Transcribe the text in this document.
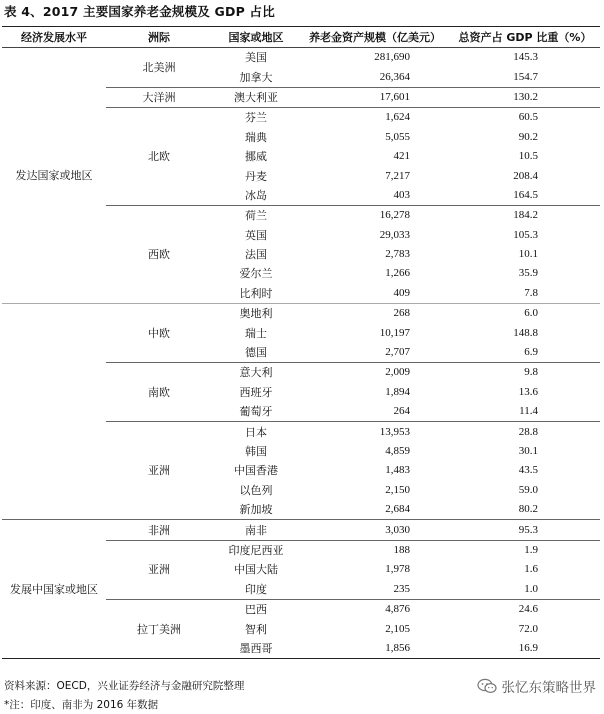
表 4、2017 主要国家养老金规模及 GDP 占比
经济发展水平	洲际	国家或地区	养老金资产规模（亿美元）	总资产占 GDP 比重（%）
发达国家或地区	北美洲	美国	281,690	145.3
		加拿大	26,364	154.7
	大洋洲	澳大利亚	17,601	130.2
	北欧	芬兰	1,624	60.5
		瑞典	5,055	90.2
		挪威	421	10.5
		丹麦	7,217	208.4
		冰岛	403	164.5
	西欧	荷兰	16,278	184.2
		英国	29,033	105.3
		法国	2,783	10.1
		爱尔兰	1,266	35.9
		比利时	409	7.8
	中欧	奥地利	268	6.0
		瑞士	10,197	148.8
		德国	2,707	6.9
	南欧	意大利	2,009	9.8
		西班牙	1,894	13.6
		葡萄牙	264	11.4
	亚洲	日本	13,953	28.8
		韩国	4,859	30.1
		中国香港	1,483	43.5
		以色列	2,150	59.0
		新加坡	2,684	80.2
发展中国家或地区	非洲	南非	3,030	95.3
	亚洲	印度尼西亚	188	1.9
		中国大陆	1,978	1.6
		印度	235	1.0
	拉丁美洲	巴西	4,876	24.6
		智利	2,105	72.0
		墨西哥	1,856	16.9
资料来源：OECD，兴业证券经济与金融研究院整理
*注：印度、南非为 2016 年数据
张忆东策略世界
